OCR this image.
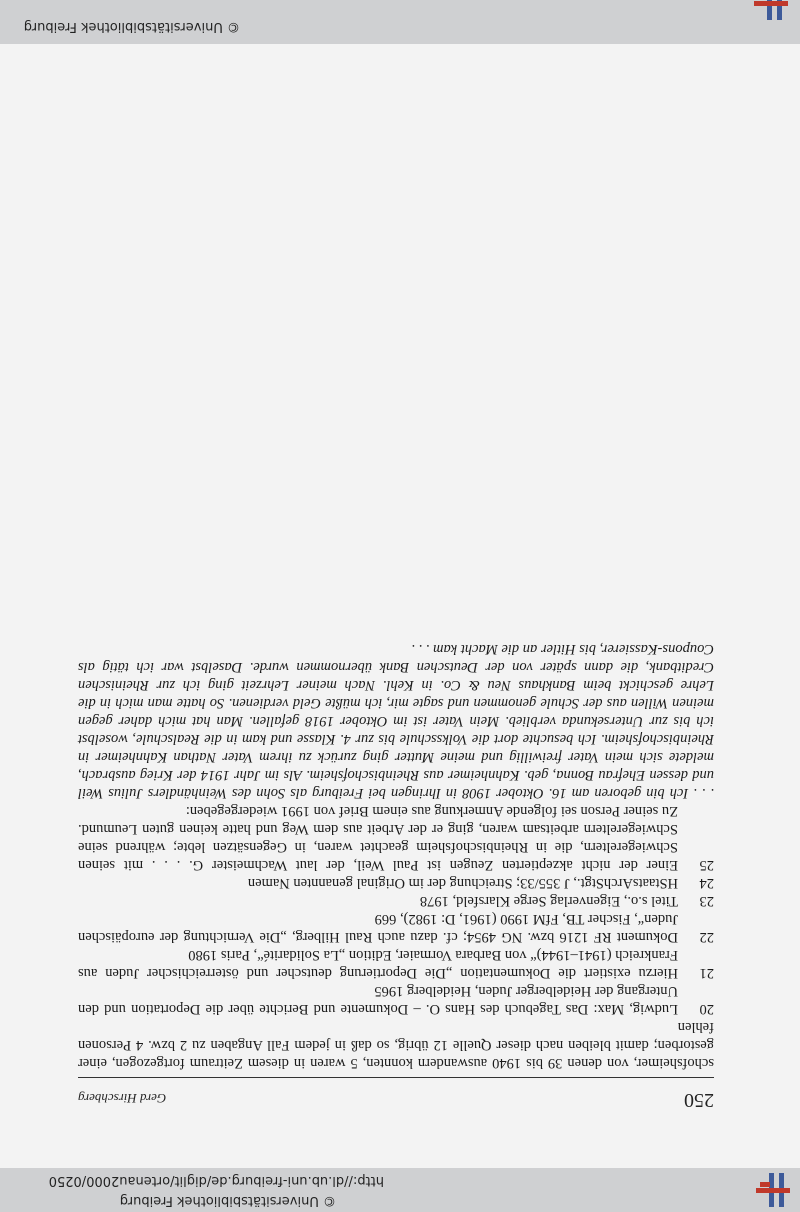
© Universitätsbibliothek Freiburg
http://dl.ub.uni-freiburg.de/diglit/ortenau2000/0250
250
Gerd Hirschberg

schofsheimer, von denen 39 bis 1940 auswandern konnten, 5 waren in diesem Zeitraum fortgezogen, einer gestorben; damit bleiben nach dieser Quelle 12 übrig, so daß in jedem Fall Angaben zu 2 bzw. 4 Personen fehlen

20
Ludwig, Max: Das Tagebuch des Hans O. – Dokumente und Berichte über die Deportation und den Untergang der Heidelberger Juden, Heidelberg 1965
21
Hierzu existiert die Dokumentation „Die Deportierung deutscher und österreichischer Juden aus Frankreich (1941–1944)“ von Barbara Vormaier, Edition „La Solidarité“, Paris 1980
22
Dokument RF 1216 bzw. NG 4954; cf. dazu auch Raul Hilberg, „Die Vernichtung der europäischen Juden“, Fischer TB, FfM 1990 (1961, D: 1982), 669
23
Titel s.o., Eigenverlag Serge Klarsfeld, 1978
24
HStaatsArchStgt., J 355/33; Streichung der im Original genannten Namen
25
Einer der nicht akzeptierten Zeugen ist Paul Weil, der laut Wachmeister G. . . . mit seinen Schwiegereltern, die in Rheinbischofsheim geachtet waren, in Gegensätzen lebte; während seine Schwiegereltern arbeitsam waren, ging er der Arbeit aus dem Weg und hatte keinen guten Leumund. Zu seiner Person sei folgende Anmerkung aus einem Brief von 1991 wiedergegeben:

. . . Ich bin geboren am 16. Oktober 1908 in Ihringen bei Freiburg als Sohn des Weinhändlers Julius Weil und dessen Ehefrau Bonna, geb. Kahnheimer aus Rheinbischofsheim. Als im Jahr 1914 der Krieg ausbrach, meldete sich mein Vater freiwillig und meine Mutter ging zurück zu ihrem Vater Nathan Kahnheimer in Rheinbischofsheim. Ich besuchte dort die Volksschule bis zur 4. Klasse und kam in die Realschule, woselbst ich bis zur Untersekunda verblieb. Mein Vater ist im Oktober 1918 gefallen. Man hat mich daher gegen meinen Willen aus der Schule genommen und sagte mir, ich müßte Geld verdienen. So hatte man mich in die Lehre geschickt beim Bankhaus Neu & Co. in Kehl. Nach meiner Lehrzeit ging ich zur Rheinischen Creditbank, die dann später von der Deutschen Bank übernommen wurde. Daselbst war ich tätig als Coupons-Kassierer, bis Hitler an die Macht kam . . .

© Universitätsbibliothek Freiburg
